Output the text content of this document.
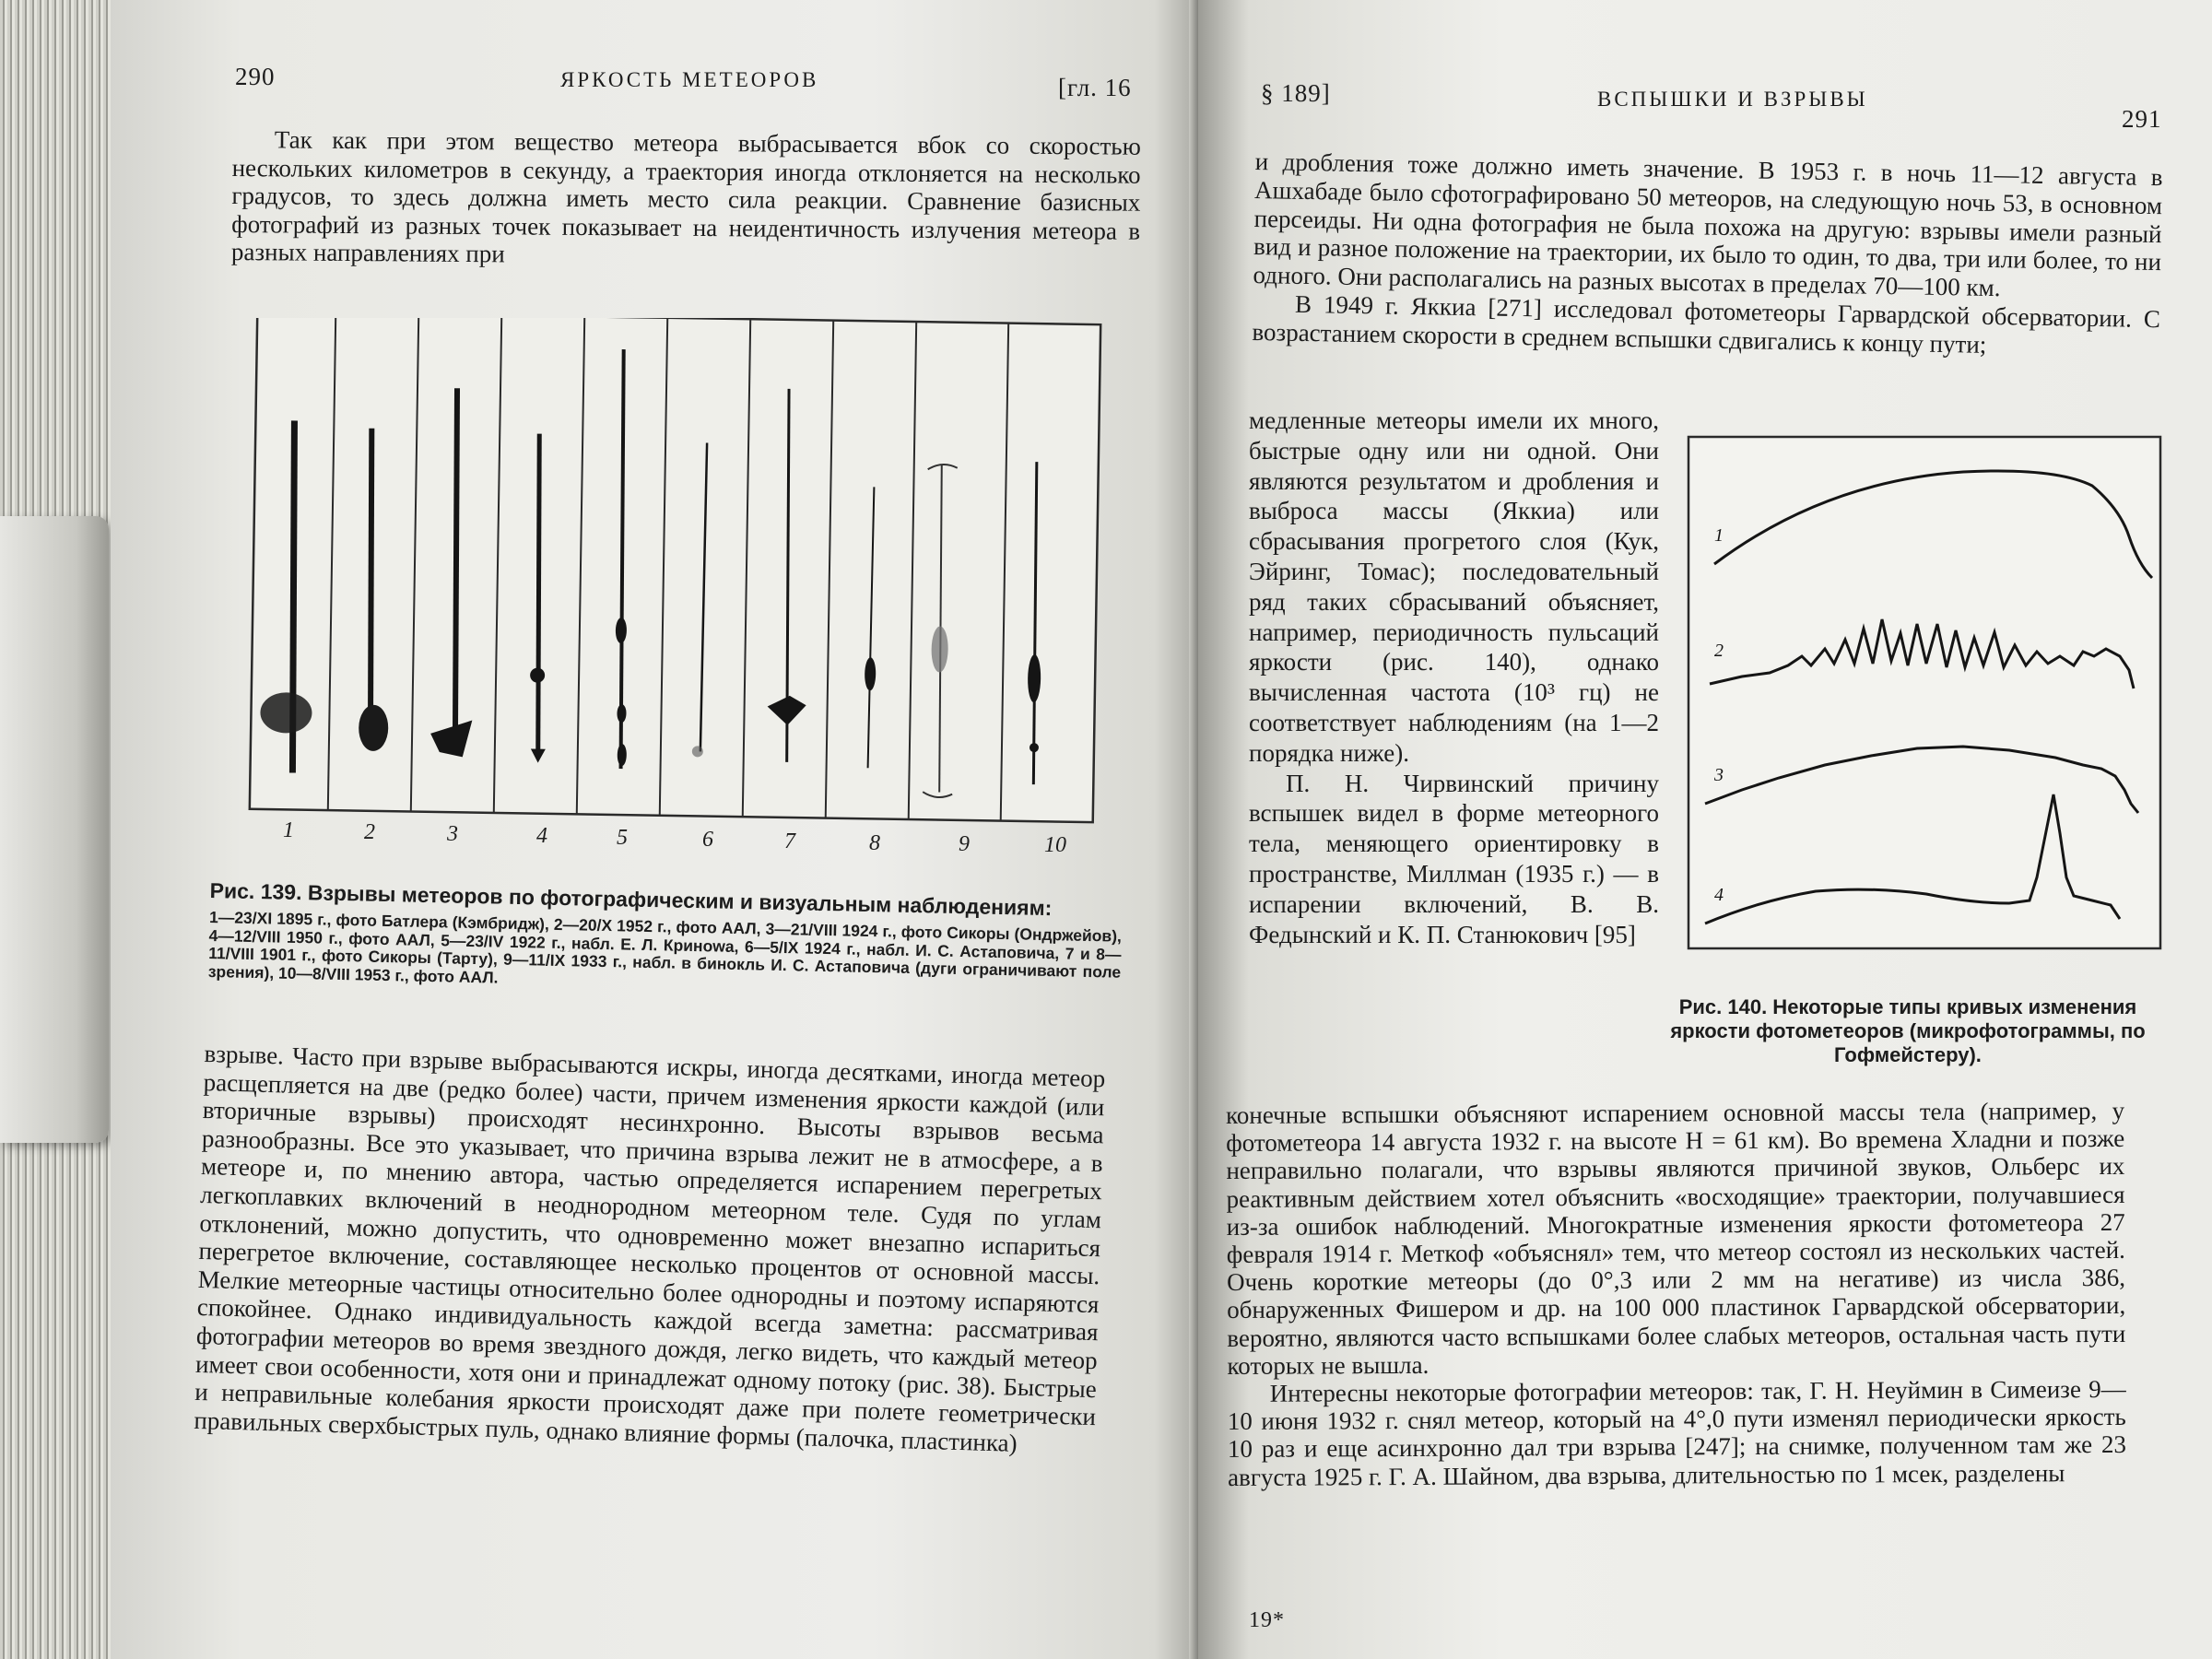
290	ЯРКОСТЬ МЕТЕОРОВ	[гл. 16

Так как при этом вещество метеора выбрасывается вбок со скоростью нескольких километров в секунду, а траектория иногда отклоняется на несколько градусов, то здесь должна иметь место сила реакции. Сравнение базисных фотографий из разных точек показывает на неидентичность излучения метеора в разных направлениях при

1	2	3	4	5	6	7	8	9	10
Рис. 139. Взрывы метеоров по фотографическим и визуальным наблюдениям:
1—23/XI 1895 г., фото Батлера (Кэмбридж), 2—20/X 1952 г., фото ААЛ, 3—21/VIII 1924 г., фото Сикоры (Ондржейов), 4—12/VIII 1950 г., фото ААЛ, 5—23/IV 1922 г., набл. Е. Л. Криноwa, 6—5/IX 1924 г., набл. И. С. Астаповича, 7 и 8—11/VIII 1901 г., фото Сикоры (Тарту), 9—11/IX 1933 г., набл. в бинокль И. С. Астаповича (дуги ограничивают поле зрения), 10—8/VIII 1953 г., фото ААЛ.

взрыве. Часто при взрыве выбрасываются искры, иногда десятками, иногда метеор расщепляется на две (редко более) части, причем изменения яркости каждой (или вторичные взрывы) происходят несинхронно. Высоты взрывов весьма разнообразны. Все это указывает, что причина взрыва лежит не в атмосфере, а в метеоре и, по мнению автора, частью определяется испарением перегретых легкоплавких включений в неоднородном метеорном теле. Судя по углам отклонений, можно допустить, что одновременно может внезапно испариться перегретое включение, составляющее несколько процентов от основной массы. Мелкие метеорные частицы относительно более однородны и поэтому испаряются спокойнее. Однако индивидуальность каждой всегда заметна: рассматривая фотографии метеоров во время звездного дождя, легко видеть, что каждый метеор имеет свои особенности, хотя они и принадлежат одному потоку (рис. 38). Быстрые и неправильные колебания яркости происходят даже при полете геометрически правильных сверхбыстрых пуль, однако влияние формы (палочка, пластинка)

§ 189]	ВСПЫШКИ И ВЗРЫВЫ
291

и дробления тоже должно иметь значение. В 1953 г. в ночь 11—12 августа в Ашхабаде было сфотографировано 50 метеоров, на следующую ночь 53, в основном персеиды. Ни одна фотография не была похожа на другую: взрывы имели разный вид и разное положение на траектории, их было то один, то два, три или более, то ни одного. Они располагались на разных высотах в пределах 70—100 км.

В 1949 г. Яккиа [271] исследовал фотометеоры Гарвардской обсерватории. С возрастанием скорости в среднем вспышки сдвигались к концу пути;

медленные метеоры имели их много, быстрые одну или ни одной. Они являются результатом и дробления и выброса массы (Яккиа) или сбрасывания прогретого слоя (Кук, Эйринг, Томас); последовательный ряд таких сбрасываний объясняет, например, периодичность пульсаций яркости (рис. 140), однако вычисленная частота (10³ гц) не соответствует наблюдениям (на 1—2 порядка ниже).

П. Н. Чирвинский причину вспышек видел в форме метеорного тела, меняющего ориентировку в пространстве, Миллман (1935 г.) — в испарении включений, В. В. Федынский и К. П. Станюкович [95]

1
2
3
4
Рис. 140. Некоторые типы кривых изменения яркости фотометеоров (микрофотограммы, по Гофмейстеру).

конечные вспышки объясняют испарением основной массы тела (например, у фотометеора 14 августа 1932 г. на высоте H = 61 км). Во времена Хладни и позже неправильно полагали, что взрывы являются причиной звуков, Ольберс их реактивным действием хотел объяснить «восходящие» траектории, получавшиеся из-за ошибок наблюдений. Многократные изменения яркости фотометеора 27 февраля 1914 г. Меткоф «объяснял» тем, что метеор состоял из нескольких частей. Очень короткие метеоры (до 0°,3 или 2 мм на негативе) из числа 386, обнаруженных Фишером и др. на 100 000 пластинок Гарвардской обсерватории, вероятно, являются часто вспышками более слабых метеоров, остальная часть пути которых не вышла.

Интересны некоторые фотографии метеоров: так, Г. Н. Неуймин в Симеизе 9—10 июня 1932 г. снял метеор, который на 4°,0 пути изменял периодически яркость 10 раз и еще асинхронно дал три взрыва [247]; на снимке, полученном там же 23 августа 1925 г. Г. А. Шайном, два взрыва, длительностью по 1 мсек, разделены

19*
